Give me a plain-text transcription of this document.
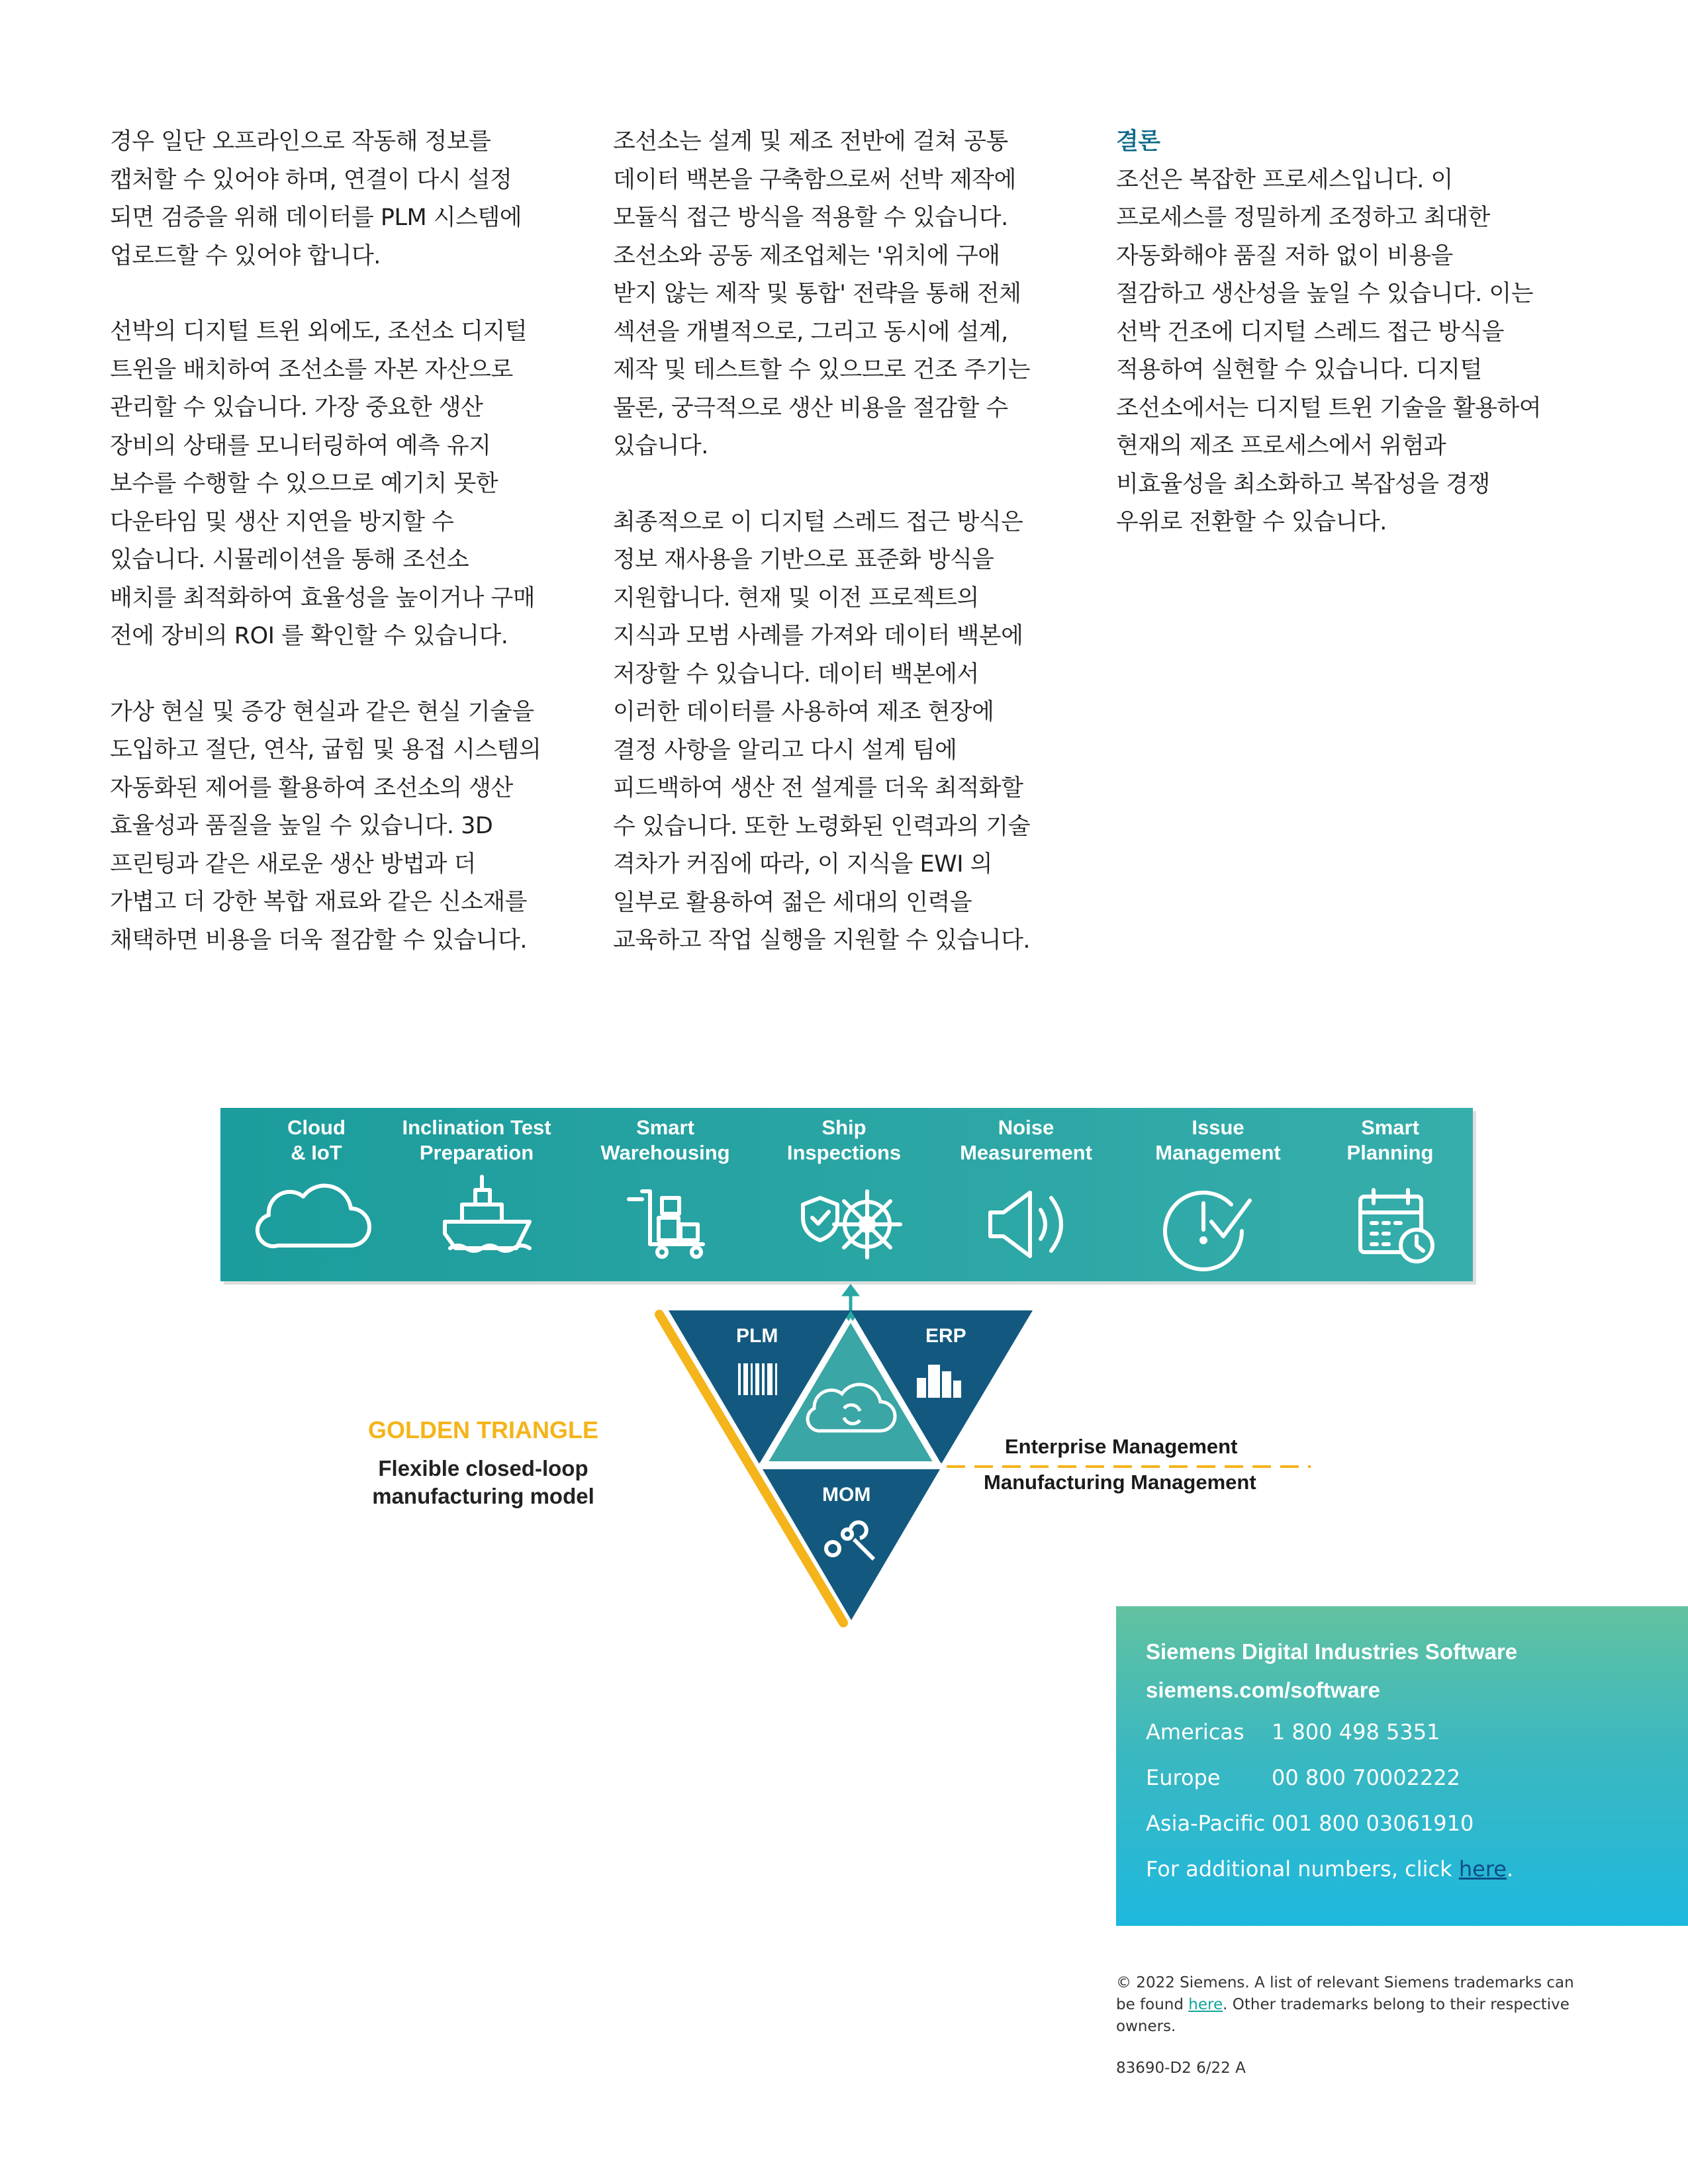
경우 일단 오프라인으로 작동해 정보를
캡처할 수 있어야 하며, 연결이 다시 설정
되면 검증을 위해 데이터를 PLM 시스템에
업로드할 수 있어야 합니다.

선박의 디지털 트윈 외에도, 조선소 디지털
트윈을 배치하여 조선소를 자본 자산으로
관리할 수 있습니다. 가장 중요한 생산
장비의 상태를 모니터링하여 예측 유지
보수를 수행할 수 있으므로 예기치 못한
다운타임 및 생산 지연을 방지할 수
있습니다. 시뮬레이션을 통해 조선소
배치를 최적화하여 효율성을 높이거나 구매
전에 장비의 ROI 를 확인할 수 있습니다.

가상 현실 및 증강 현실과 같은 현실 기술을
도입하고 절단, 연삭, 굽힘 및 용접 시스템의
자동화된 제어를 활용하여 조선소의 생산
효율성과 품질을 높일 수 있습니다. 3D
프린팅과 같은 새로운 생산 방법과 더
가볍고 더 강한 복합 재료와 같은 신소재를
채택하면 비용을 더욱 절감할 수 있습니다.

조선소는 설계 및 제조 전반에 걸쳐 공통
데이터 백본을 구축함으로써 선박 제작에
모듈식 접근 방식을 적용할 수 있습니다.
조선소와 공동 제조업체는 '위치에 구애
받지 않는 제작 및 통합' 전략을 통해 전체
섹션을 개별적으로, 그리고 동시에 설계,
제작 및 테스트할 수 있으므로 건조 주기는
물론, 궁극적으로 생산 비용을 절감할 수
있습니다.

최종적으로 이 디지털 스레드 접근 방식은
정보 재사용을 기반으로 표준화 방식을
지원합니다. 현재 및 이전 프로젝트의
지식과 모범 사례를 가져와 데이터 백본에
저장할 수 있습니다. 데이터 백본에서
이러한 데이터를 사용하여 제조 현장에
결정 사항을 알리고 다시 설계 팀에
피드백하여 생산 전 설계를 더욱 최적화할
수 있습니다. 또한 노령화된 인력과의 기술
격차가 커짐에 따라, 이 지식을 EWI 의
일부로 활용하여 젊은 세대의 인력을
교육하고 작업 실행을 지원할 수 있습니다.

결론

조선은 복잡한 프로세스입니다. 이
프로세스를 정밀하게 조정하고 최대한
자동화해야 품질 저하 없이 비용을
절감하고 생산성을 높일 수 있습니다. 이는
선박 건조에 디지털 스레드 접근 방식을
적용하여 실현할 수 있습니다. 디지털
조선소에서는 디지털 트윈 기술을 활용하여
현재의 제조 프로세스에서 위험과
비효율성을 최소화하고 복잡성을 경쟁
우위로 전환할 수 있습니다.

Cloud
& IoT
Inclination Test
Preparation
Smart
Warehousing
Ship
Inspections
Noise
Measurement
Issue
Management
Smart
Planning
PLM	ERP
MOM
GOLDEN TRIANGLE
Flexible closed-loop
manufacturing model
Enterprise Management
Manufacturing Management
Siemens Digital Industries Software
siemens.com/software
Americas	1 800 498 5351
Europe	00 800 70002222
Asia-Pacific 001 800 03061910
For additional numbers, click here.
© 2022 Siemens. A list of relevant Siemens trademarks can be found here. Other trademarks belong to their respective owners.
83690-D2 6/22 A
